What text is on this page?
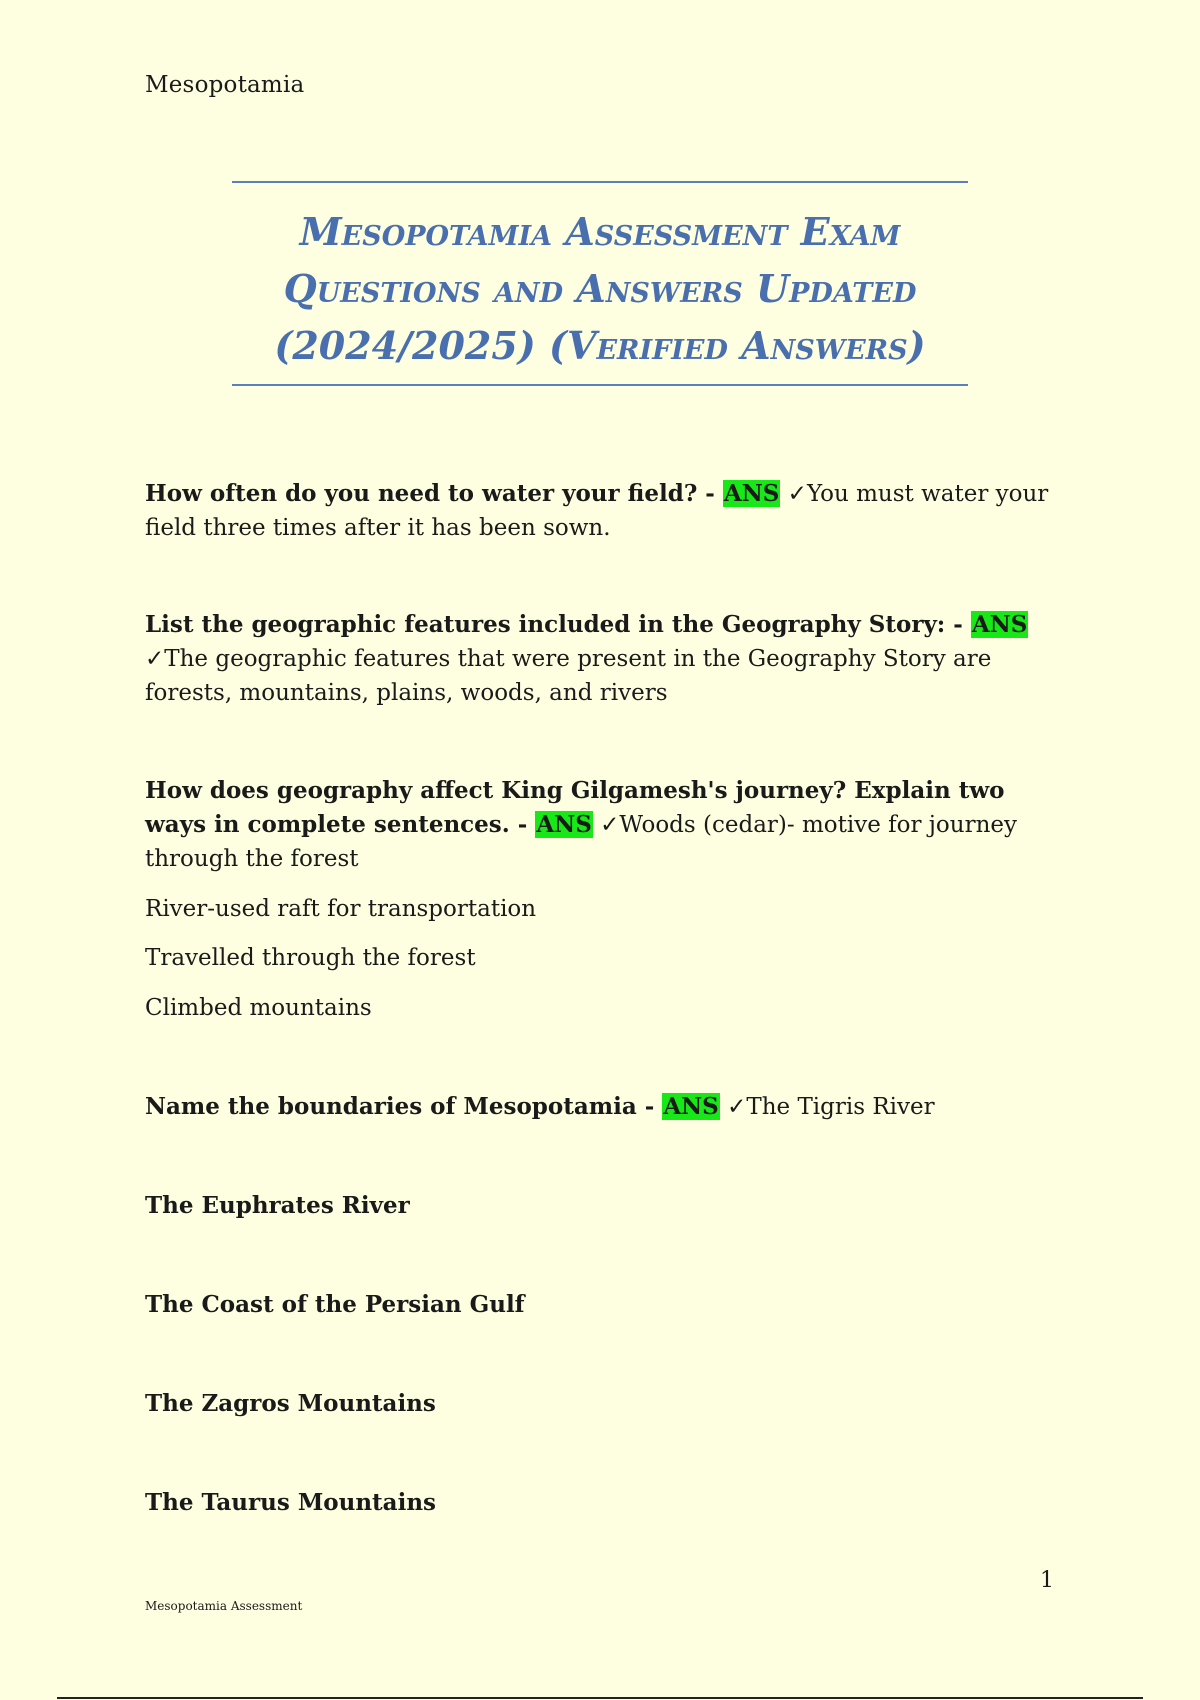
Mesopotamia
Mesopotamia Assessment Exam
Questions and Answers Updated
(2024/2025) (Verified Answers)
How often do you need to water your field? - ANS ✓You must water your field three times after it has been sown.
List the geographic features included in the Geography Story: - ANS ✓The geographic features that were present in the Geography Story are forests, mountains, plains, woods, and rivers
How does geography affect King Gilgamesh's journey? Explain two ways in complete sentences. - ANS ✓Woods (cedar)- motive for journey through the forest
River-used raft for transportation
Travelled through the forest
Climbed mountains
Name the boundaries of Mesopotamia - ANS ✓The Tigris River
The Euphrates River
The Coast of the Persian Gulf
The Zagros Mountains
The Taurus Mountains
1
Mesopotamia Assessment
